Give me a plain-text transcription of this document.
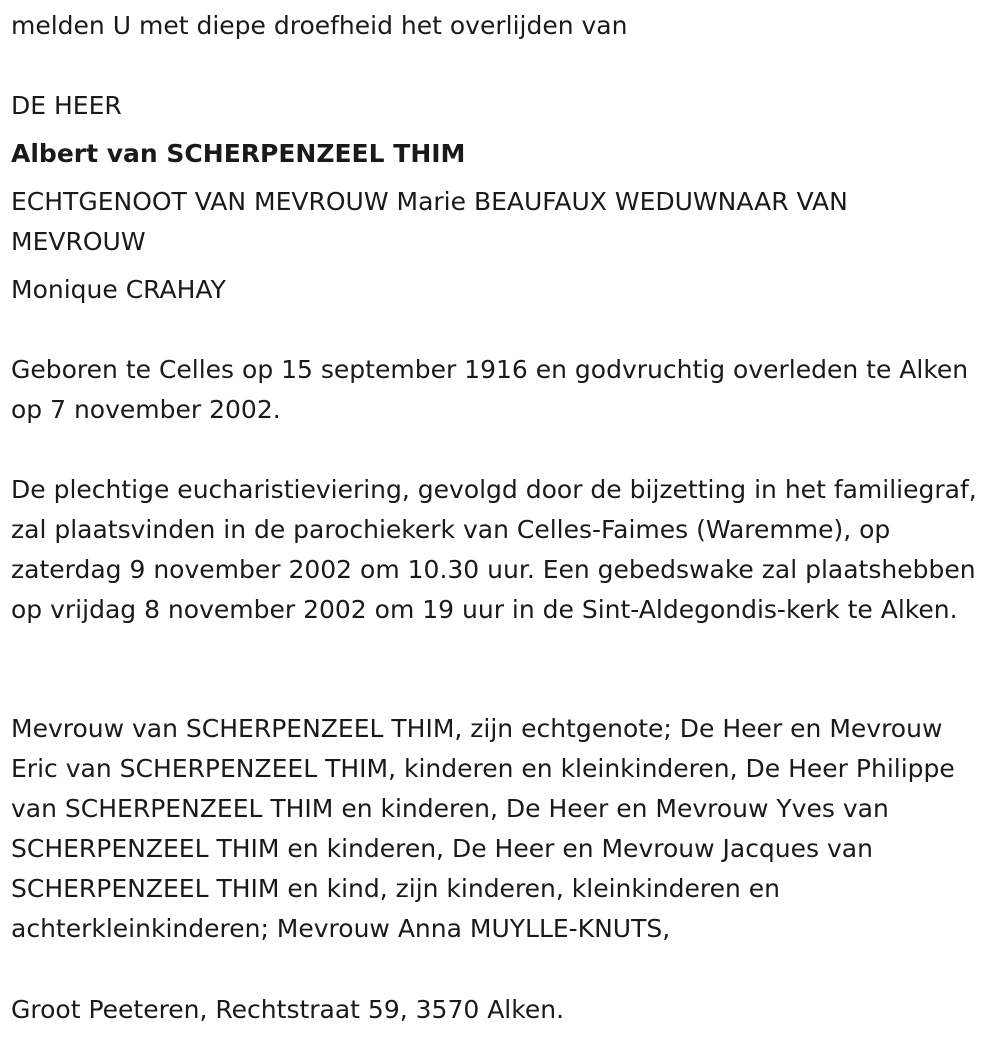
melden U met diepe droefheid het overlijden van
DE HEER
Albert van SCHERPENZEEL THIM
ECHTGENOOT VAN MEVROUW Marie BEAUFAUX WEDUWNAAR VAN MEVROUW
Monique CRAHAY
Geboren te Celles op 15 september 1916 en godvruchtig overleden te Alken op 7 november 2002.
De plechtige eucharistieviering, gevolgd door de bijzetting in het familiegraf, zal plaatsvinden in de parochiekerk van Celles-Faimes (Waremme), op zaterdag 9 november 2002 om 10.30 uur. Een gebedswake zal plaatshebben op vrijdag 8 november 2002 om 19 uur in de Sint-Aldegondis-kerk te Alken.
Mevrouw van SCHERPENZEEL THIM, zijn echtgenote; De Heer en Mevrouw Eric van SCHERPENZEEL THIM, kinderen en kleinkinderen, De Heer Philippe van SCHERPENZEEL THIM en kinderen, De Heer en Mevrouw Yves van SCHERPENZEEL THIM en kinderen, De Heer en Mevrouw Jacques van SCHERPENZEEL THIM en kind, zijn kinderen, kleinkinderen en achterkleinkinderen; Mevrouw Anna MUYLLE-KNUTS,
Groot Peeteren, Rechtstraat 59, 3570 Alken.
